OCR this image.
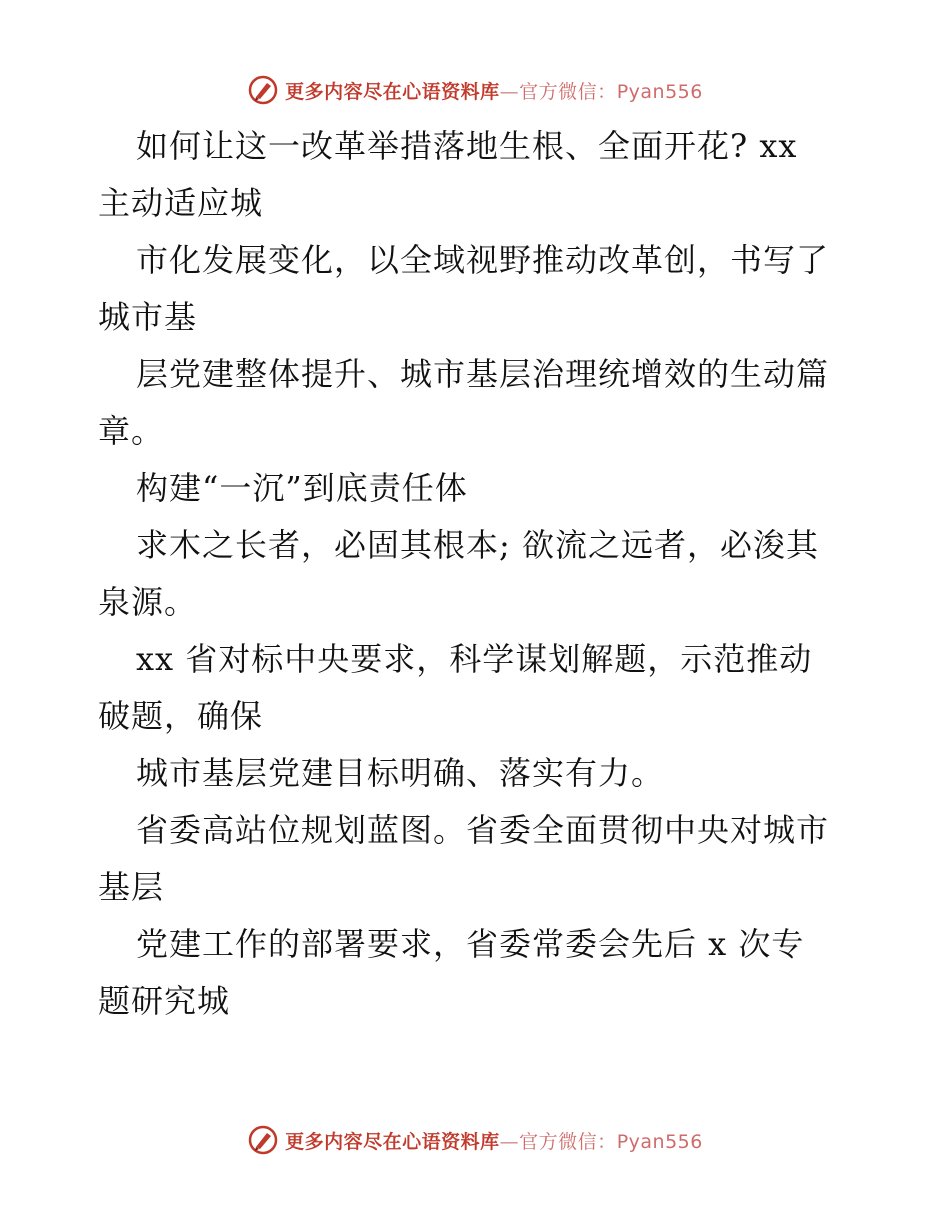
更多内容尽在心语资料库—官方微信：Pyan556
如何让这一改革举措落地生根、全面开花? xx
主动适应城
市化发展变化，以全域视野推动改革创，书写了
城市基
层党建整体提升、城市基层治理统增效的生动篇
章。
构建“一沉”到底责任体
求木之长者，必固其根本; 欲流之远者，必浚其
泉源。
xx 省对标中央要求，科学谋划解题，示范推动
破题，确保
城市基层党建目标明确、落实有力。
省委高站位规划蓝图。省委全面贯彻中央对城市
基层
党建工作的部署要求，省委常委会先后 x 次专
题研究城
更多内容尽在心语资料库—官方微信：Pyan556
